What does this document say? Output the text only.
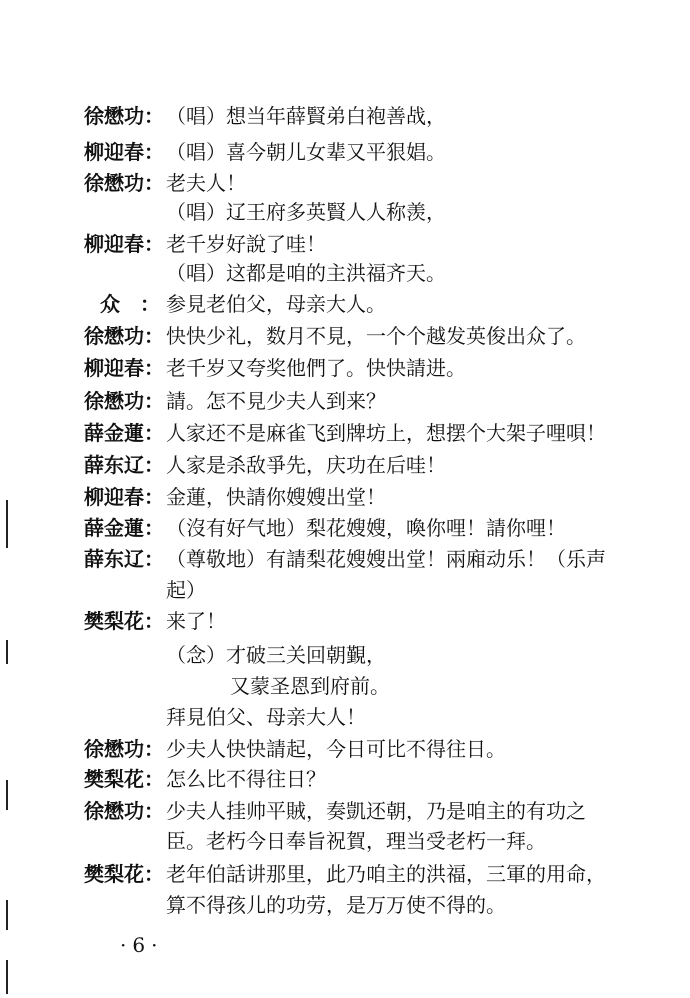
徐懋功： （唱）想当年薛賢弟白袍善战，
柳迎春： （唱）喜今朝儿女辈又平狠娼。
徐懋功： 老夫人！
（唱）辽王府多英賢人人称羡，
柳迎春： 老千岁好說了哇！
（唱）这都是咱的主洪福齐天。
众　： 参見老伯父，母亲大人。
徐懋功： 快快少礼，数月不見，一个个越发英俊出众了。
柳迎春： 老千岁又夸奖他們了。快快請进。
徐懋功： 請。怎不見少夫人到来？
薛金蓮： 人家还不是麻雀飞到牌坊上，想摆个大架子哩唄！
薛东辽： 人家是杀敌爭先，庆功在后哇！
柳迎春： 金蓮，快請你嫂嫂出堂！
薛金蓮： （沒有好气地）梨花嫂嫂，喚你哩！請你哩！
薛东辽： （尊敬地）有請梨花嫂嫂出堂！兩廂动乐！（乐声
起）
樊梨花： 来了！
（念）才破三关回朝覲，
又蒙圣恩到府前。
拜見伯父、母亲大人！
徐懋功： 少夫人快快請起，今日可比不得往日。
樊梨花： 怎么比不得往日？
徐懋功： 少夫人挂帅平賊，奏凱还朝，乃是咱主的有功之
臣。老朽今日奉旨祝賀，理当受老朽一拜。
樊梨花： 老年伯話讲那里，此乃咱主的洪福，三軍的用命，
算不得孩儿的功劳，是万万使不得的。
·6·
